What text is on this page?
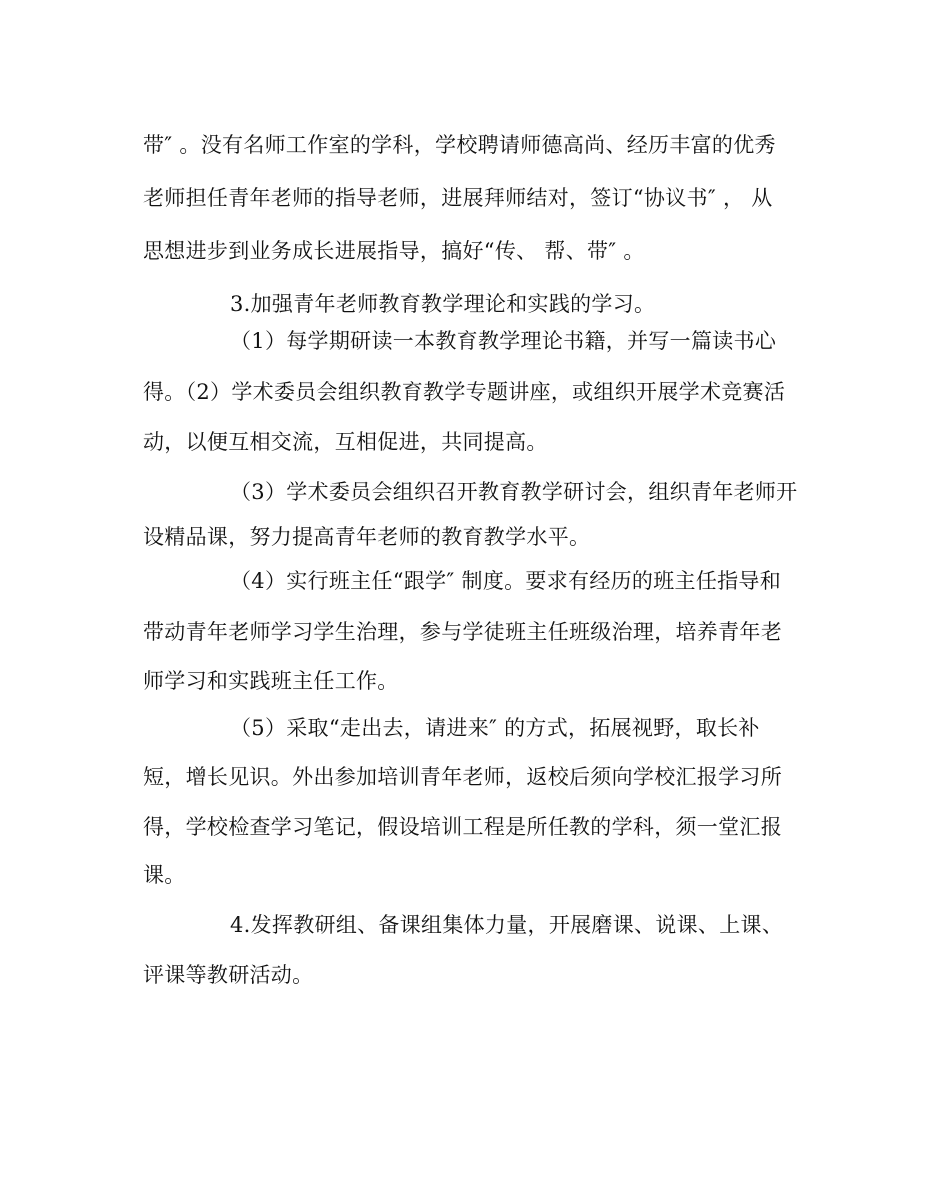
带″ 。没有名师工作室的学科，学校聘请师德高尚、经历丰富的优秀
老师担任青年老师的指导老师，进展拜师结对，签订“协议书″ ， 从
思想进步到业务成长进展指导，搞好“传、 帮、带″ 。
3.加强青年老师教育教学理论和实践的学习。
（1）每学期研读一本教育教学理论书籍，并写一篇读书心
得。（2）学术委员会组织教育教学专题讲座，或组织开展学术竞赛活
动，以便互相交流，互相促进，共同提高。
（3）学术委员会组织召开教育教学研讨会，组织青年老师开
设精品课，努力提高青年老师的教育教学水平。
（4）实行班主任“跟学″ 制度。要求有经历的班主任指导和
带动青年老师学习学生治理，参与学徒班主任班级治理，培养青年老
师学习和实践班主任工作。
（5）采取“走出去，请进来″ 的方式，拓展视野，取长补
短，增长见识。外出参加培训青年老师，返校后须向学校汇报学习所
得，学校检查学习笔记，假设培训工程是所任教的学科，须一堂汇报
课。
4.发挥教研组、备课组集体力量，开展磨课、说课、上课、
评课等教研活动。
